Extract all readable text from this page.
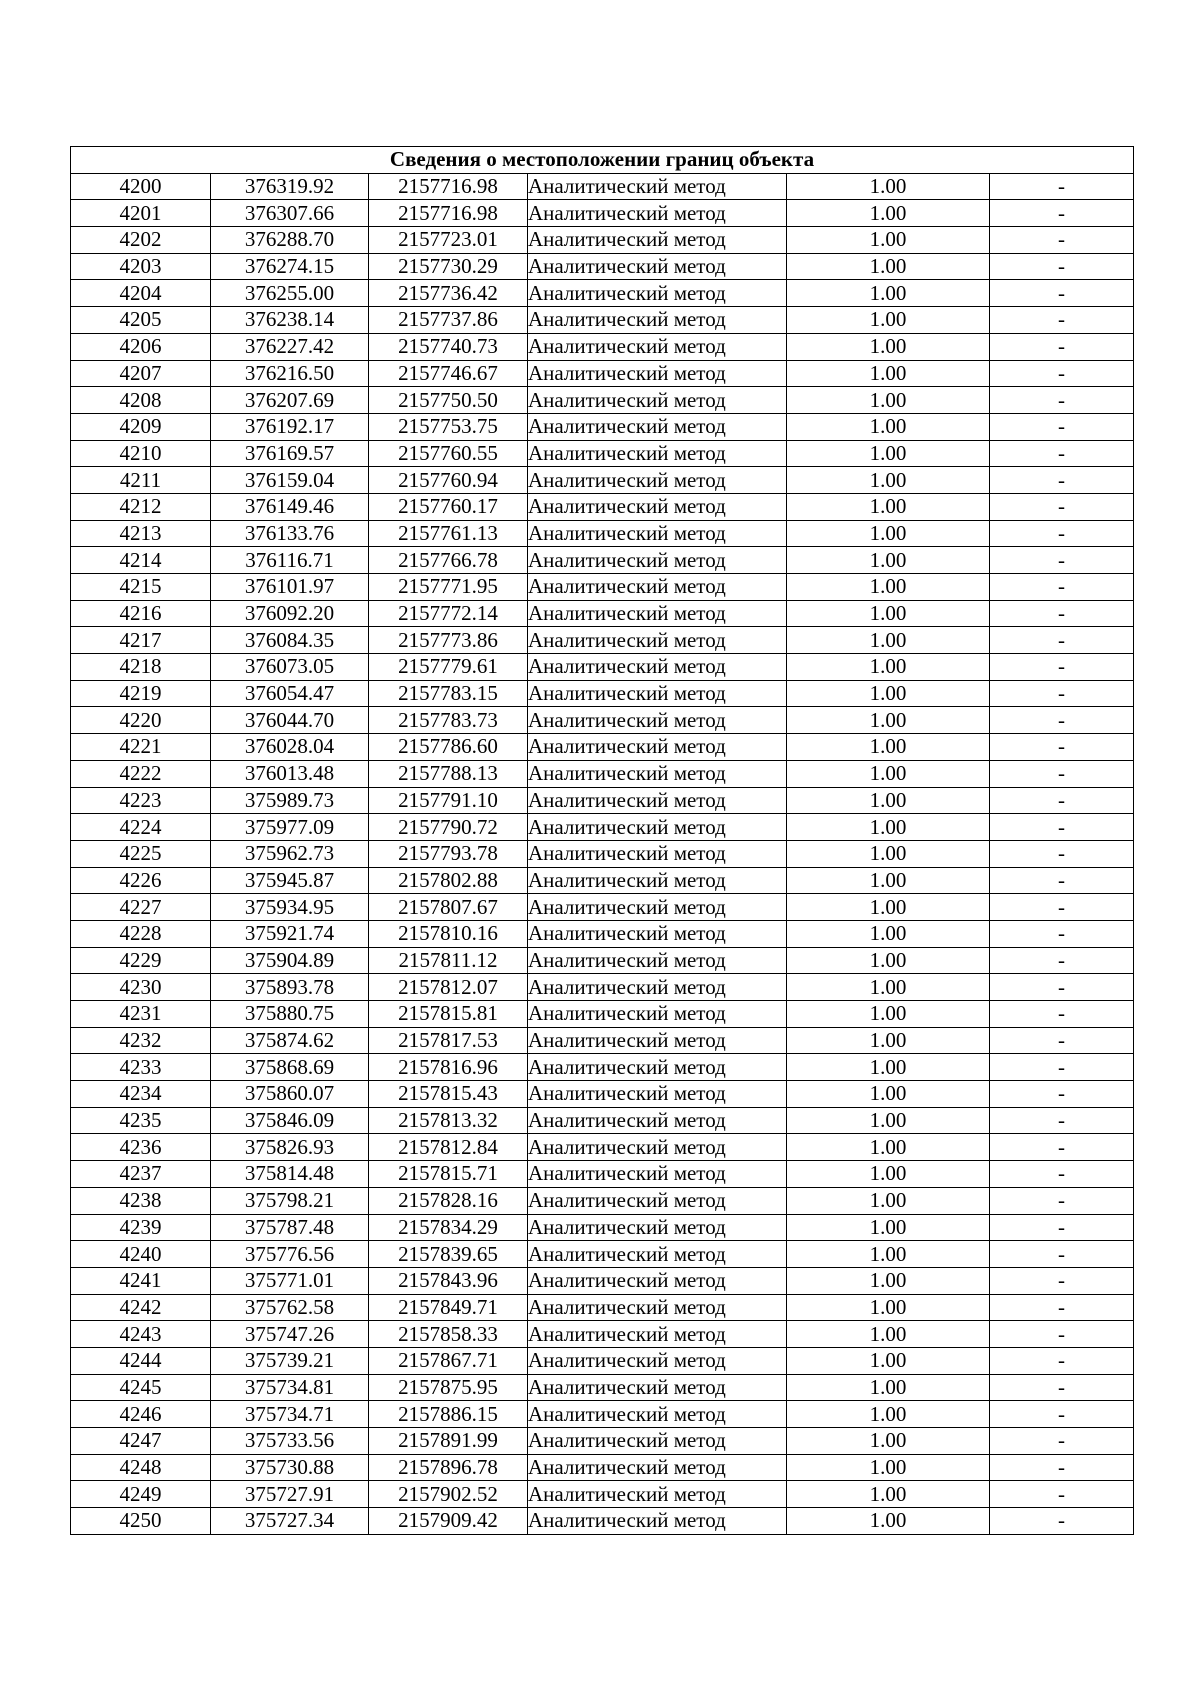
Сведения о местоположении границ объекта					
4200	376319.92	2157716.98	Аналитический метод	1.00	-
4201	376307.66	2157716.98	Аналитический метод	1.00	-
4202	376288.70	2157723.01	Аналитический метод	1.00	-
4203	376274.15	2157730.29	Аналитический метод	1.00	-
4204	376255.00	2157736.42	Аналитический метод	1.00	-
4205	376238.14	2157737.86	Аналитический метод	1.00	-
4206	376227.42	2157740.73	Аналитический метод	1.00	-
4207	376216.50	2157746.67	Аналитический метод	1.00	-
4208	376207.69	2157750.50	Аналитический метод	1.00	-
4209	376192.17	2157753.75	Аналитический метод	1.00	-
4210	376169.57	2157760.55	Аналитический метод	1.00	-
4211	376159.04	2157760.94	Аналитический метод	1.00	-
4212	376149.46	2157760.17	Аналитический метод	1.00	-
4213	376133.76	2157761.13	Аналитический метод	1.00	-
4214	376116.71	2157766.78	Аналитический метод	1.00	-
4215	376101.97	2157771.95	Аналитический метод	1.00	-
4216	376092.20	2157772.14	Аналитический метод	1.00	-
4217	376084.35	2157773.86	Аналитический метод	1.00	-
4218	376073.05	2157779.61	Аналитический метод	1.00	-
4219	376054.47	2157783.15	Аналитический метод	1.00	-
4220	376044.70	2157783.73	Аналитический метод	1.00	-
4221	376028.04	2157786.60	Аналитический метод	1.00	-
4222	376013.48	2157788.13	Аналитический метод	1.00	-
4223	375989.73	2157791.10	Аналитический метод	1.00	-
4224	375977.09	2157790.72	Аналитический метод	1.00	-
4225	375962.73	2157793.78	Аналитический метод	1.00	-
4226	375945.87	2157802.88	Аналитический метод	1.00	-
4227	375934.95	2157807.67	Аналитический метод	1.00	-
4228	375921.74	2157810.16	Аналитический метод	1.00	-
4229	375904.89	2157811.12	Аналитический метод	1.00	-
4230	375893.78	2157812.07	Аналитический метод	1.00	-
4231	375880.75	2157815.81	Аналитический метод	1.00	-
4232	375874.62	2157817.53	Аналитический метод	1.00	-
4233	375868.69	2157816.96	Аналитический метод	1.00	-
4234	375860.07	2157815.43	Аналитический метод	1.00	-
4235	375846.09	2157813.32	Аналитический метод	1.00	-
4236	375826.93	2157812.84	Аналитический метод	1.00	-
4237	375814.48	2157815.71	Аналитический метод	1.00	-
4238	375798.21	2157828.16	Аналитический метод	1.00	-
4239	375787.48	2157834.29	Аналитический метод	1.00	-
4240	375776.56	2157839.65	Аналитический метод	1.00	-
4241	375771.01	2157843.96	Аналитический метод	1.00	-
4242	375762.58	2157849.71	Аналитический метод	1.00	-
4243	375747.26	2157858.33	Аналитический метод	1.00	-
4244	375739.21	2157867.71	Аналитический метод	1.00	-
4245	375734.81	2157875.95	Аналитический метод	1.00	-
4246	375734.71	2157886.15	Аналитический метод	1.00	-
4247	375733.56	2157891.99	Аналитический метод	1.00	-
4248	375730.88	2157896.78	Аналитический метод	1.00	-
4249	375727.91	2157902.52	Аналитический метод	1.00	-
4250	375727.34	2157909.42	Аналитический метод	1.00	-
